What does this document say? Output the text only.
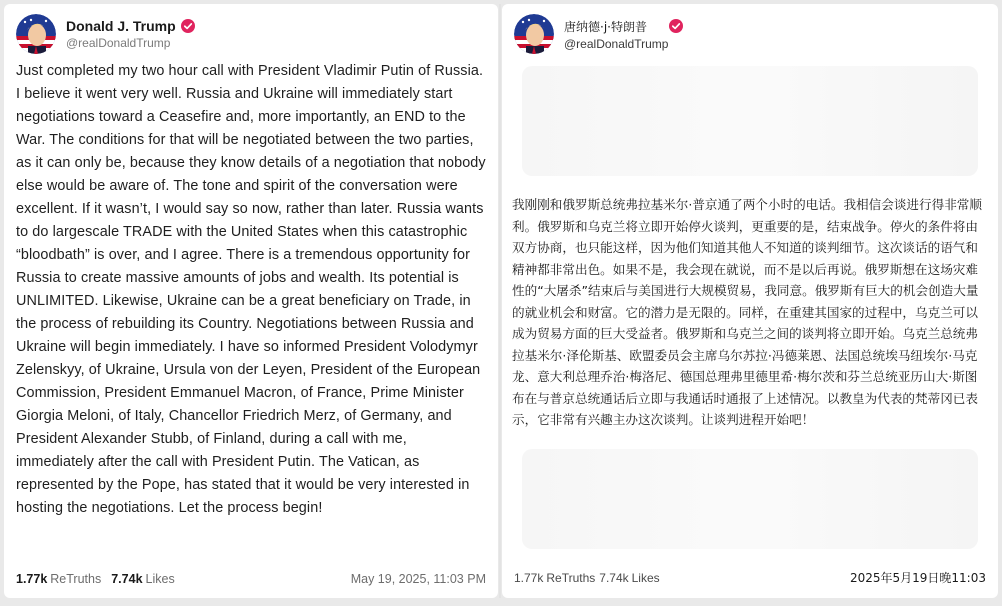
Donald J. Trump
@realDonaldTrump
Just completed my two hour call with President Vladimir Putin of Russia. I believe it went very well. Russia and Ukraine will immediately start negotiations toward a Ceasefire and, more importantly, an END to the War. The conditions for that will be negotiated between the two parties, as it can only be, because they know details of a negotiation that nobody else would be aware of. The tone and spirit of the conversation were excellent. If it wasn’t, I would say so now, rather than later. Russia wants to do largescale TRADE with the United States when this catastrophic “bloodbath” is over, and I agree. There is a tremendous opportunity for Russia to create massive amounts of jobs and wealth. Its potential is UNLIMITED. Likewise, Ukraine can be a great beneficiary on Trade, in the process of rebuilding its Country. Negotiations between Russia and Ukraine will begin immediately. I have so informed President Volodymyr Zelenskyy, of Ukraine, Ursula von der Leyen, President of the European Commission, President Emmanuel Macron, of France, Prime Minister Giorgia Meloni, of Italy, Chancellor Friedrich Merz, of Germany, and President Alexander Stubb, of Finland, during a call with me, immediately after the call with President Putin. The Vatican, as represented by the Pope, has stated that it would be very interested in hosting the negotiations. Let the process begin!
1.77k ReTruths 7.74k Likes	May 19, 2025, 11:03 PM
唐纳德·j·特朗普
@realDonaldTrump
我刚刚和俄罗斯总统弗拉基米尔·普京通了两个小时的电话。我相信会谈进行得非常顺利。俄罗斯和乌克兰将立即开始停火谈判，更重要的是，结束战争。停火的条件将由双方协商，也只能这样，因为他们知道其他人不知道的谈判细节。这次谈话的语气和精神都非常出色。如果不是，我会现在就说，而不是以后再说。俄罗斯想在这场灾难性的“大屠杀”结束后与美国进行大规模贸易，我同意。俄罗斯有巨大的机会创造大量的就业机会和财富。它的潜力是无限的。同样，在重建其国家的过程中，乌克兰可以成为贸易方面的巨大受益者。俄罗斯和乌克兰之间的谈判将立即开始。乌克兰总统弗拉基米尔·泽伦斯基、欧盟委员会主席乌尔苏拉·冯德莱恩、法国总统埃马纽埃尔·马克龙、意大利总理乔治·梅洛尼、德国总理弗里德里希·梅尔茨和芬兰总统亚历山大·斯图布在与普京总统通话后立即与我通话时通报了上述情况。以教皇为代表的梵蒂冈已表示，它非常有兴趣主办这次谈判。让谈判进程开始吧！
1.77k ReTruths 7.74k Likes	2025年5月19日晚11:03
